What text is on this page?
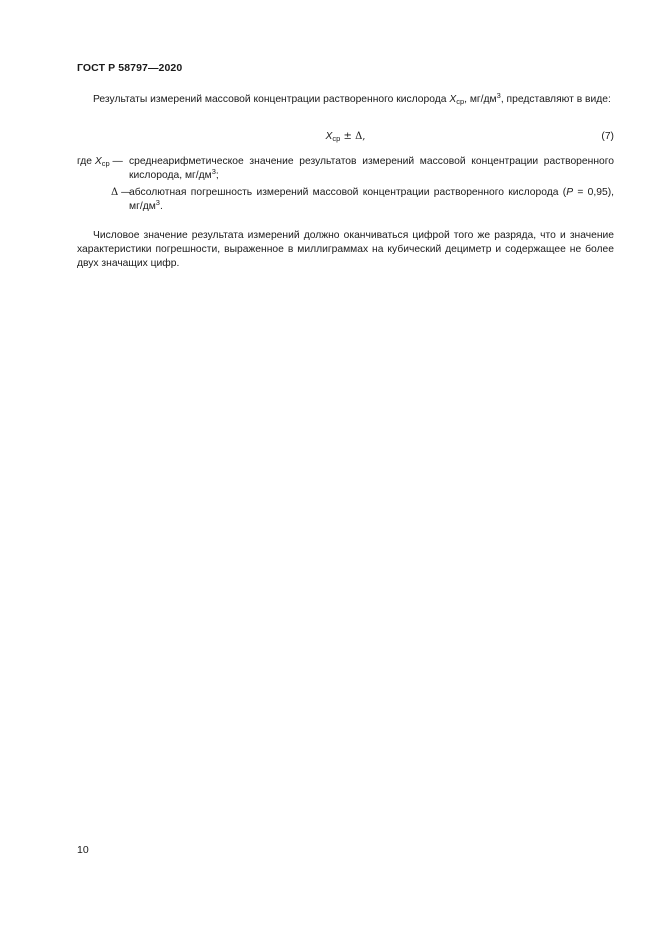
ГОСТ Р 58797—2020

Результаты измерений массовой концентрации растворенного кислорода $X_{ср}$, $мг/дм^3$, представляют в виде:

$X_{ср} \pm \Delta$,	(7)
где $X_{ср}$ — среднеарифметическое значение результатов измерений массовой концентрации растворенного кислорода, $мг/дм^3$;
Δ —
абсолютная погрешность измерений массовой концентрации растворенного кислорода (P = 0,95), $мг/дм^3$.

Числовое значение результата измерений должно оканчиваться цифрой того же разряда, что и значение характеристики погрешности, выраженное в миллиграммах на кубический дециметр и содержащее не более двух значащих цифр.

10
